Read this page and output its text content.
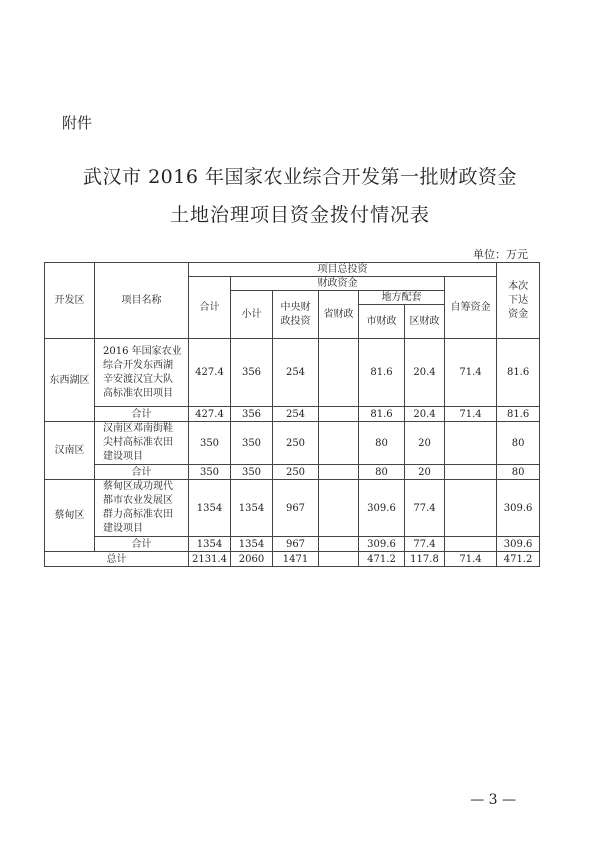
附件
武汉市 2016 年国家农业综合开发第一批财政资金
土地治理项目资金拨付情况表
单位：万元
开发区	项目名称	项目总投资							本次下达资金
		合计	财政资金					自筹资金	
			小计	中央财政投资	省财政	地方配套			
						市财政	区财政		
东西湖区	2016 年国家农业综合开发东西湖辛安渡汉宜大队高标准农田项目	427.4	356	254		81.6	20.4	71.4	81.6
	合计	427.4	356	254		81.6	20.4	71.4	81.6
汉南区	汉南区邓南街鞋尖村高标准农田建设项目	350	350	250		80	20		80
	合计	350	350	250		80	20		80
蔡甸区	蔡甸区成功现代都市农业发展区群力高标准农田建设项目	1354	1354	967		309.6	77.4		309.6
	合计	1354	1354	967		309.6	77.4		309.6
总计		2131.4	2060	1471		471.2	117.8	71.4	471.2
— 3 —
